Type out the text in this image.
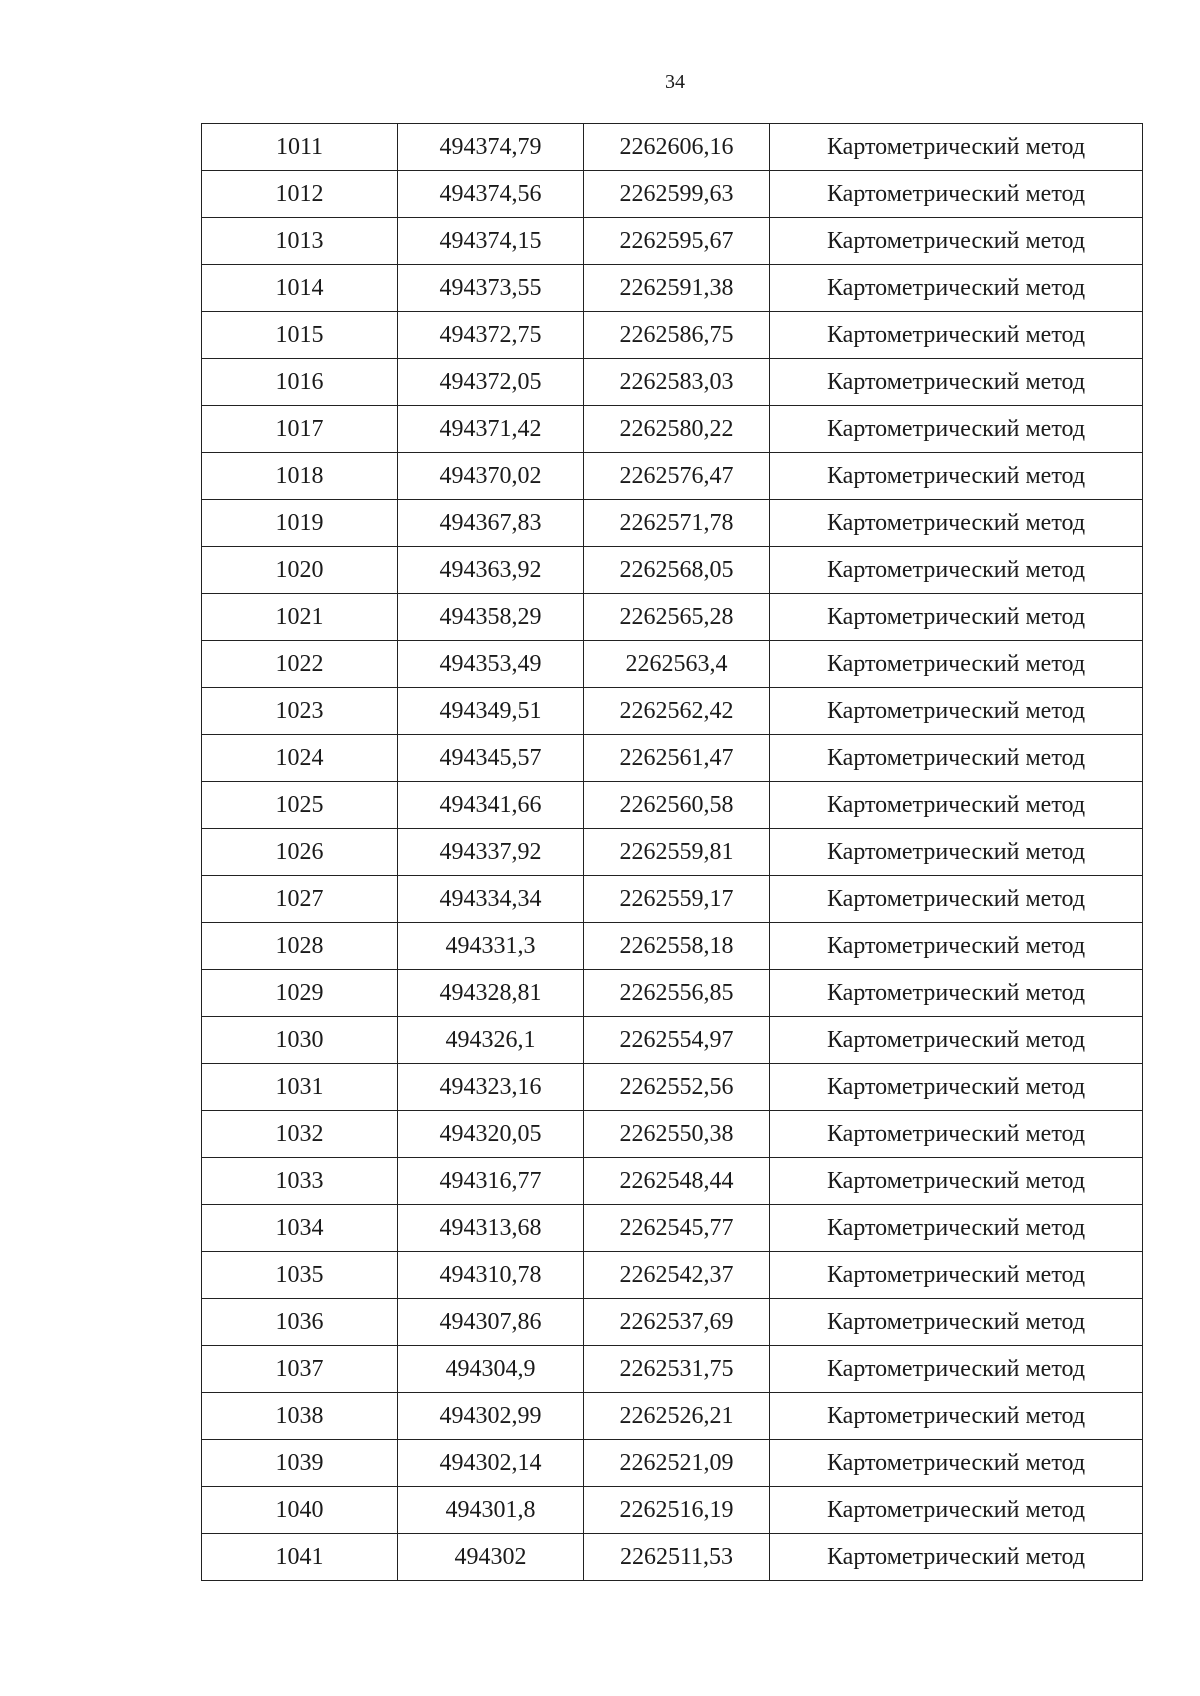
34
1011	494374,79	2262606,16	Картометрический метод
1012	494374,56	2262599,63	Картометрический метод
1013	494374,15	2262595,67	Картометрический метод
1014	494373,55	2262591,38	Картометрический метод
1015	494372,75	2262586,75	Картометрический метод
1016	494372,05	2262583,03	Картометрический метод
1017	494371,42	2262580,22	Картометрический метод
1018	494370,02	2262576,47	Картометрический метод
1019	494367,83	2262571,78	Картометрический метод
1020	494363,92	2262568,05	Картометрический метод
1021	494358,29	2262565,28	Картометрический метод
1022	494353,49	2262563,4	Картометрический метод
1023	494349,51	2262562,42	Картометрический метод
1024	494345,57	2262561,47	Картометрический метод
1025	494341,66	2262560,58	Картометрический метод
1026	494337,92	2262559,81	Картометрический метод
1027	494334,34	2262559,17	Картометрический метод
1028	494331,3	2262558,18	Картометрический метод
1029	494328,81	2262556,85	Картометрический метод
1030	494326,1	2262554,97	Картометрический метод
1031	494323,16	2262552,56	Картометрический метод
1032	494320,05	2262550,38	Картометрический метод
1033	494316,77	2262548,44	Картометрический метод
1034	494313,68	2262545,77	Картометрический метод
1035	494310,78	2262542,37	Картометрический метод
1036	494307,86	2262537,69	Картометрический метод
1037	494304,9	2262531,75	Картометрический метод
1038	494302,99	2262526,21	Картометрический метод
1039	494302,14	2262521,09	Картометрический метод
1040	494301,8	2262516,19	Картометрический метод
1041	494302	2262511,53	Картометрический метод
